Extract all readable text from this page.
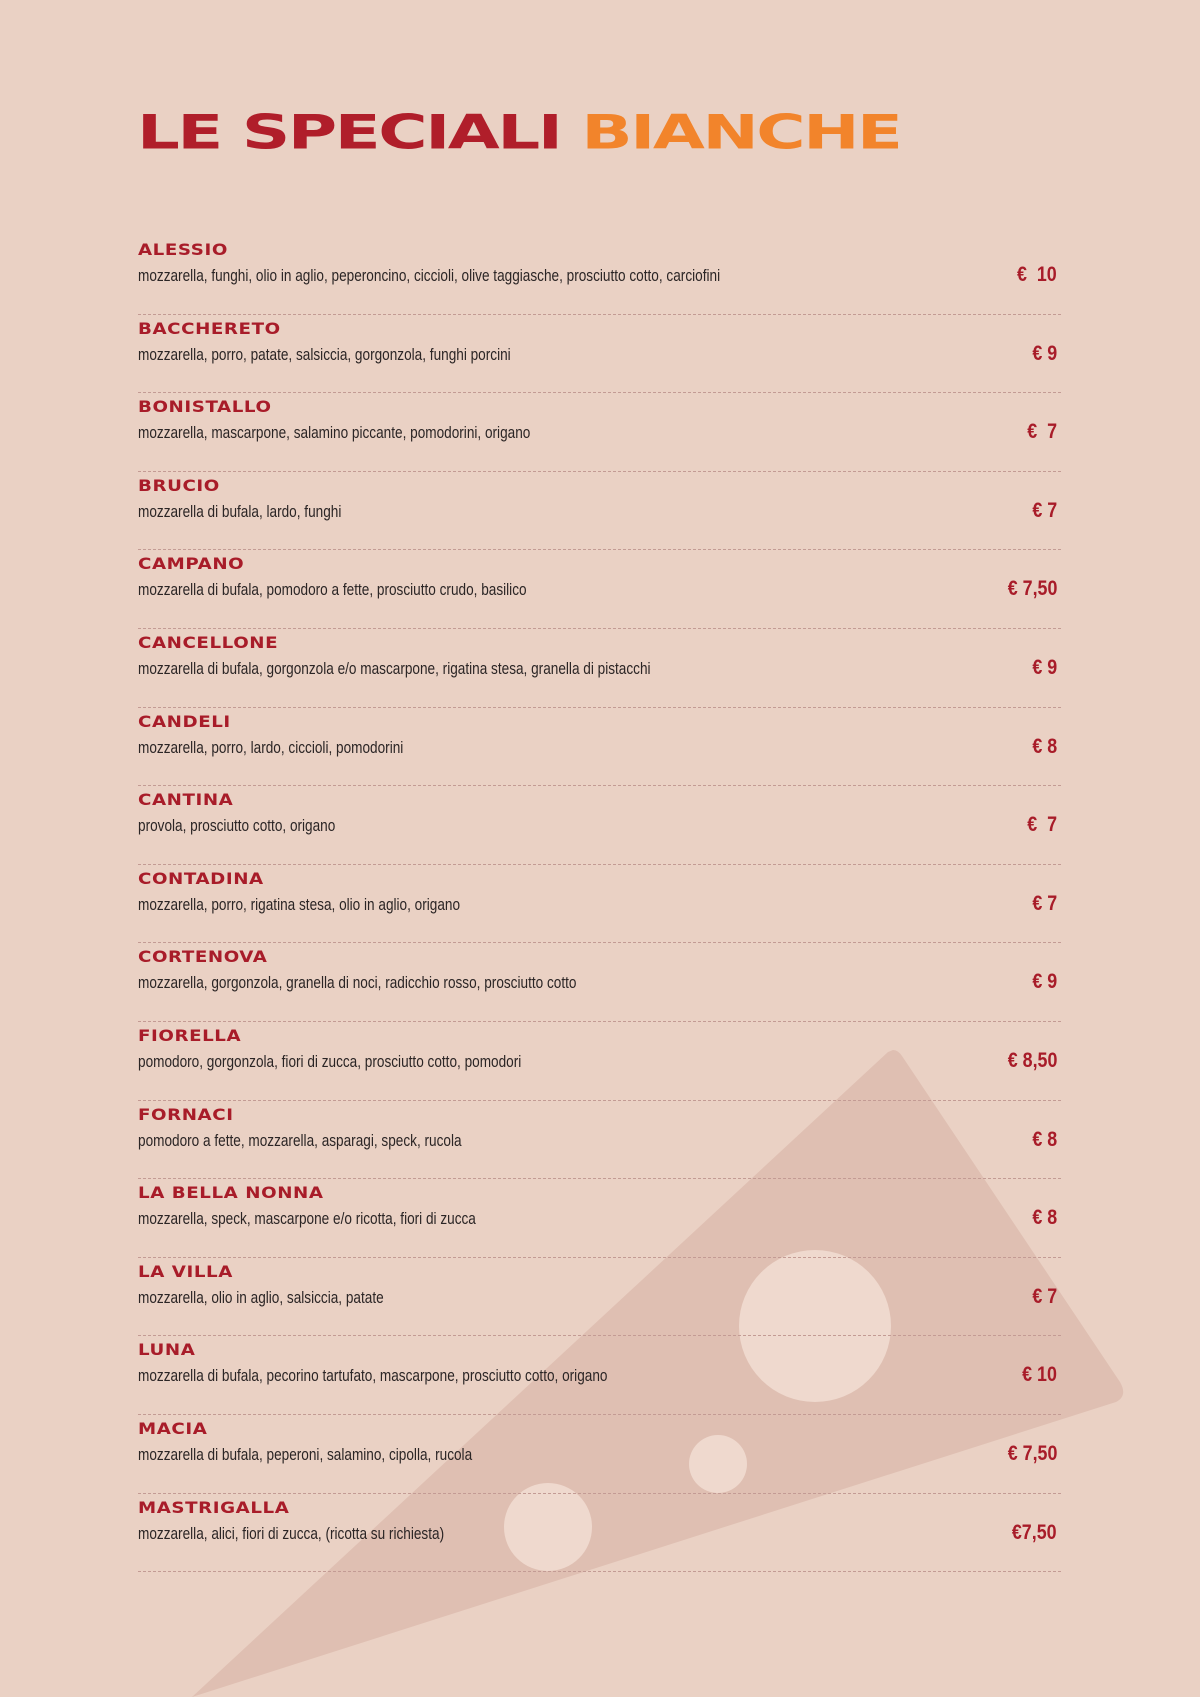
LE SPECIALI BIANCHE
ALESSIO
mozzarella, funghi, olio in aglio, peperoncino, ciccioli, olive taggiasche, prosciutto cotto, carciofini	€  10
BACCHERETO
mozzarella, porro, patate, salsiccia, gorgonzola, funghi porcini	€ 9
BONISTALLO
mozzarella, mascarpone, salamino piccante, pomodorini, origano	€  7
BRUCIO
mozzarella di bufala, lardo, funghi	€ 7
CAMPANO
mozzarella di bufala, pomodoro a fette, prosciutto crudo, basilico	€ 7,50
CANCELLONE
mozzarella di bufala, gorgonzola e/o mascarpone, rigatina stesa, granella di pistacchi	€ 9
CANDELI
mozzarella, porro, lardo, ciccioli, pomodorini	€ 8
CANTINA
provola, prosciutto cotto, origano	€  7
CONTADINA
mozzarella, porro, rigatina stesa, olio in aglio, origano	€ 7
CORTENOVA
mozzarella, gorgonzola, granella di noci, radicchio rosso, prosciutto cotto	€ 9
FIORELLA
pomodoro, gorgonzola, fiori di zucca, prosciutto cotto, pomodori	€ 8,50
FORNACI
pomodoro a fette, mozzarella, asparagi, speck, rucola	€ 8
LA BELLA NONNA
mozzarella, speck, mascarpone e/o ricotta, fiori di zucca	€ 8
LA VILLA
mozzarella, olio in aglio, salsiccia, patate	€ 7
LUNA
mozzarella di bufala, pecorino tartufato, mascarpone, prosciutto cotto, origano	€ 10
MACIA
mozzarella di bufala, peperoni, salamino, cipolla, rucola	€ 7,50
MASTRIGALLA
mozzarella, alici, fiori di zucca, (ricotta su richiesta)	€7,50
